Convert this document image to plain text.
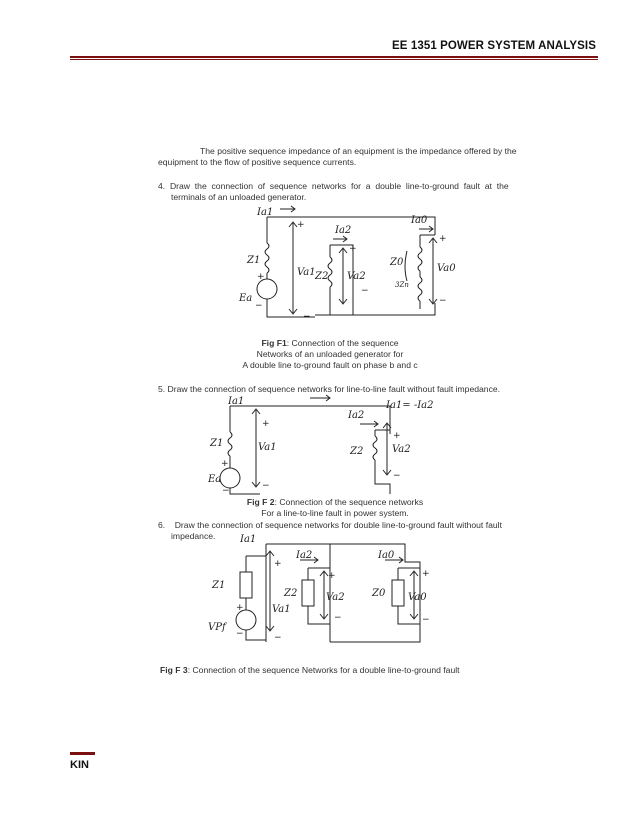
EE 1351 POWER SYSTEM ANALYSIS

The positive sequence impedance of an equipment is the impedance offered by the

equipment to the flow of positive sequence currents.

4.  Draw  the  connection  of  sequence  networks  for  a  double  line-to-ground  fault  at  the

terminals of an unloaded generator.

Ia1
Ia2
Ia0
Z1
Z2
Z0
Va1	Va2
Va0
Ea
3Zn
+
+
+
+
−
−
−
−
Fig F1: Connection of the sequence
Networks of an unloaded generator for
A double line to-ground fault on phase b and c

5. Draw the connection of sequence networks for line-to-line fault without fault impedance.

Ia1
Ia2
Ia1= -Ia2
Z1
Z2
Va1	Va2
Ea
+
+
+
−	−
−
Fig F 2: Connection of the sequence networks
For a line-to-line fault in power system.

6.    Draw the connection of sequence networks for double line-to-ground fault without fault

impedance. Ia1
Ia2	Ia0
Z1
Z2	Z0
Va1
Va2	Va0
VPf
+
+	+
+
−	−
−	−
Fig F 3: Connection of the sequence Networks for a double line-to-ground fault
KIN
